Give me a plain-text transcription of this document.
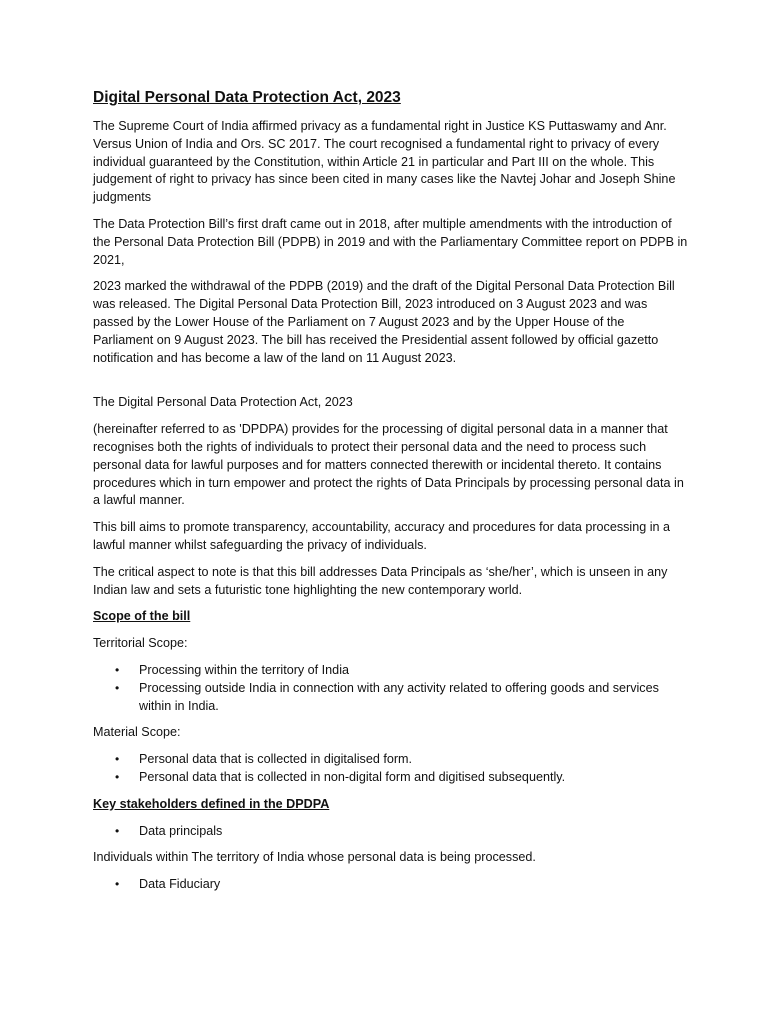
Digital Personal Data Protection Act, 2023

The Supreme Court of India affirmed privacy as a fundamental right in Justice KS Puttaswamy and Anr. Versus Union of India and Ors. SC 2017. The court recognised a fundamental right to privacy of every individual guaranteed by the Constitution, within Article 21 in particular and Part III on the whole. This judgement of right to privacy has since been cited in many cases like the Navtej Johar and Joseph Shine judgments

The Data Protection Bill’s first draft came out in 2018, after multiple amendments with the introduction of the Personal Data Protection Bill (PDPB) in 2019 and with the Parliamentary Committee report on PDPB in 2021,

2023 marked the withdrawal of the PDPB (2019) and the draft of the Digital Personal Data Protection Bill was released. The Digital Personal Data Protection Bill, 2023 introduced on 3 August 2023 and was passed by the Lower House of the Parliament on 7 August 2023 and by the Upper House of the Parliament on 9 August 2023. The bill has received the Presidential assent followed by official gazetto notification and has become a law of the land on 11 August 2023.

The Digital Personal Data Protection Act, 2023

(hereinafter referred to as 'DPDPA) provides for the processing of digital personal data in a manner that recognises both the rights of individuals to protect their personal data and the need to process such personal data for lawful purposes and for matters connected therewith or incidental thereto. It contains procedures which in turn empower and protect the rights of Data Principals by processing personal data in a lawful manner.

This bill aims to promote transparency, accountability, accuracy and procedures for data processing in a lawful manner whilst safeguarding the privacy of individuals.

The critical aspect to note is that this bill addresses Data Principals as ‘she/her’, which is unseen in any Indian law and sets a futuristic tone highlighting the new contemporary world.

Scope of the bill

Territorial Scope:

• Processing within the territory of India
• Processing outside India in connection with any activity related to offering goods and services within in India.

Material Scope:

• Personal data that is collected in digitalised form.
• Personal data that is collected in non-digital form and digitised subsequently.
Key stakeholders defined in the DPDPA
• Data principals

Individuals within The territory of India whose personal data is being processed.

• Data Fiduciary
